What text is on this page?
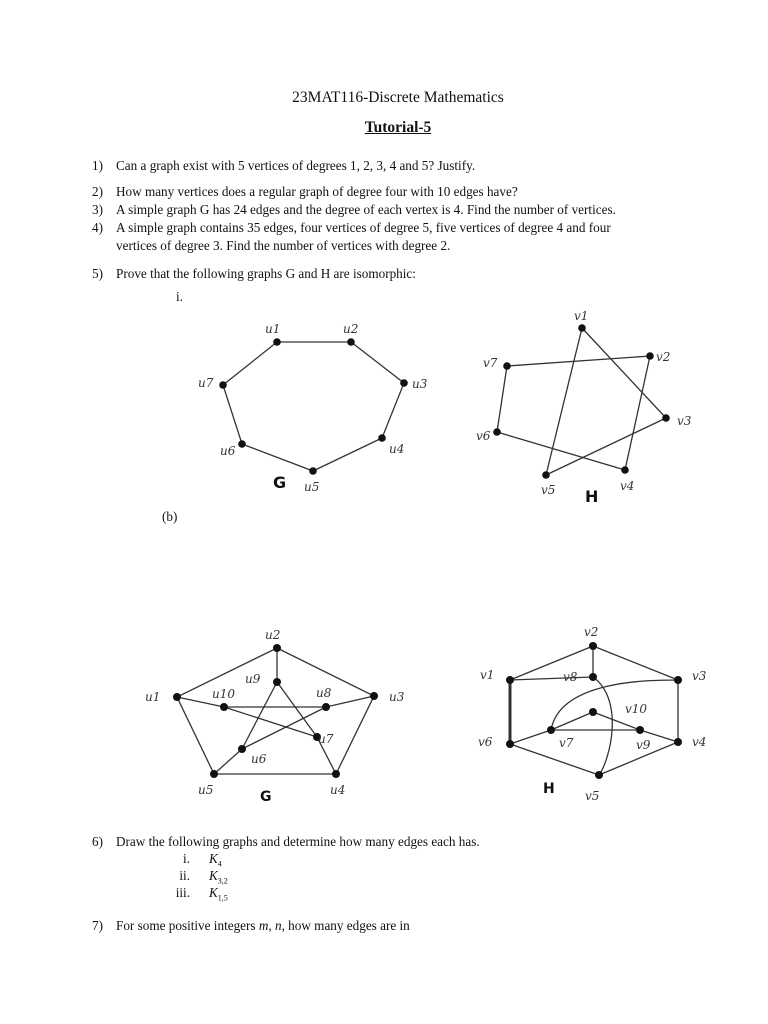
23MAT116-Discrete Mathematics
Tutorial-5
1) Can a graph exist with 5 vertices of degrees 1, 2, 3, 4 and 5? Justify.
2) How many vertices does a regular graph of degree four with 10 edges have?
3) A simple graph G has 24 edges and the degree of each vertex is 4. Find the number of vertices.
4) A simple graph contains 35 edges, four vertices of degree 5, five vertices of degree 4 and four
vertices of degree 3. Find the number of vertices with degree 2.
5) Prove that the following graphs G and H are isomorphic:
i.
(b)
u1	u2
u3
u4
u5
u6
u7
G
v1
v2
v3
v4
v5
v6
v7
H
u1
u2
u3
u4
u5
u6
u7
u8
u9
u10
G
v1
v2
v3
v4
v5
v6	v7
v8
v9
v10
H
6) Draw the following graphs and determine how many edges each has.
i. $K_4$
ii. $K_{3,2}$
iii. $K_{1,5}$
7) For some positive integers m, n, how many edges are in
